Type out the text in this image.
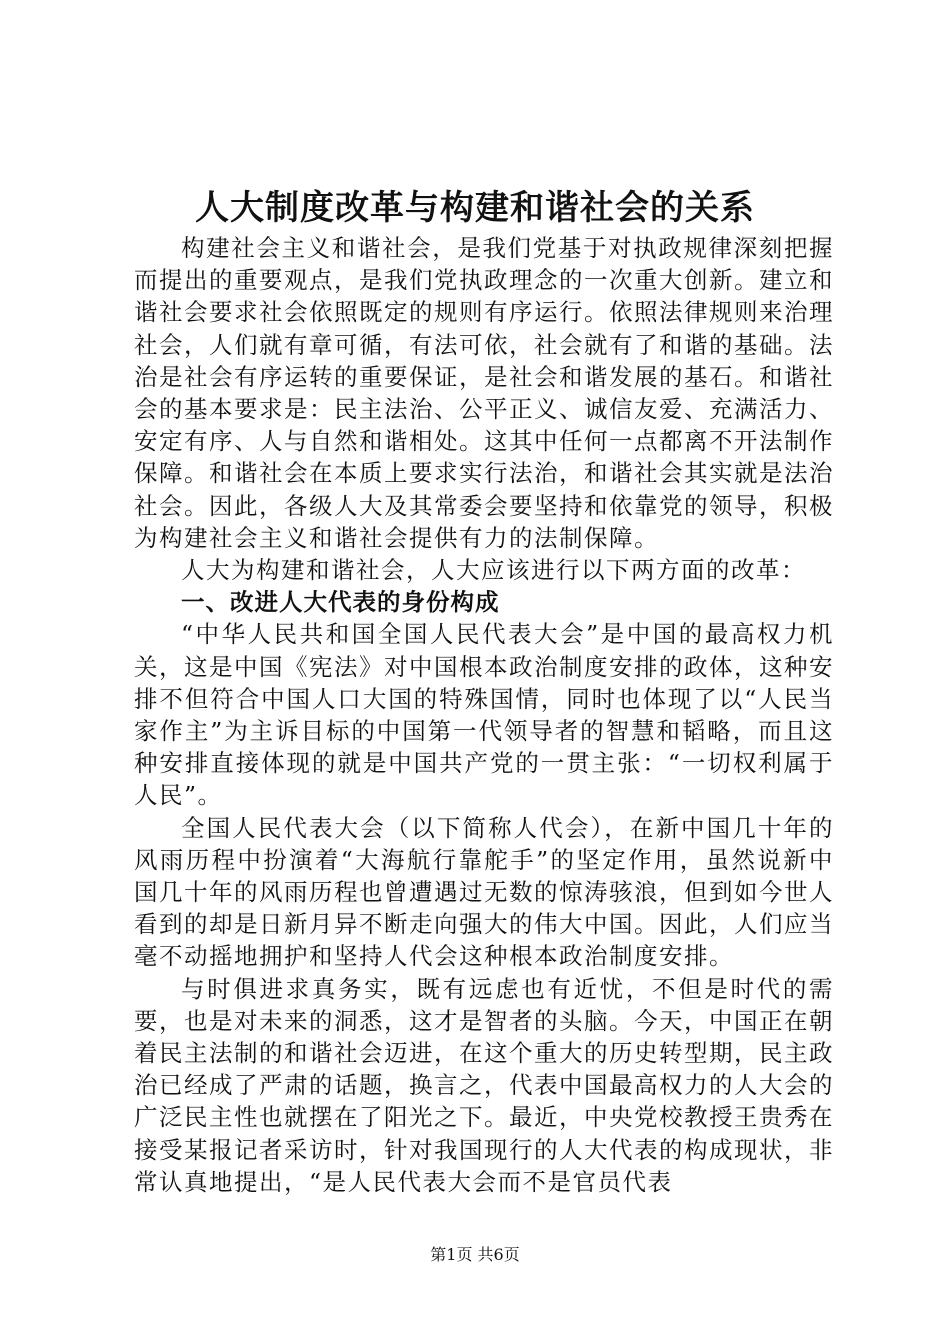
人大制度改革与构建和谐社会的关系

构建社会主义和谐社会，是我们党基于对执政规律深刻把握而提出的重要观点，是我们党执政理念的一次重大创新。建立和谐社会要求社会依照既定的规则有序运行。依照法律规则来治理社会，人们就有章可循，有法可依，社会就有了和谐的基础。法治是社会有序运转的重要保证，是社会和谐发展的基石。和谐社会的基本要求是：民主法治、公平正义、诚信友爱、充满活力、安定有序、人与自然和谐相处。这其中任何一点都离不开法制作保障。和谐社会在本质上要求实行法治，和谐社会其实就是法治社会。因此，各级人大及其常委会要坚持和依靠党的领导，积极为构建社会主义和谐社会提供有力的法制保障。

人大为构建和谐社会，人大应该进行以下两方面的改革：

一、改进人大代表的身份构成

“中华人民共和国全国人民代表大会”是中国的最高权力机关，这是中国《宪法》对中国根本政治制度安排的政体，这种安排不但符合中国人口大国的特殊国情，同时也体现了以“人民当家作主”为主诉目标的中国第一代领导者的智慧和韬略，而且这种安排直接体现的就是中国共产党的一贯主张：“一切权利属于人民”。

全国人民代表大会（以下简称人代会），在新中国几十年的风雨历程中扮演着“大海航行靠舵手”的坚定作用，虽然说新中国几十年的风雨历程也曾遭遇过无数的惊涛骇浪，但到如今世人看到的却是日新月异不断走向强大的伟大中国。因此，人们应当毫不动摇地拥护和坚持人代会这种根本政治制度安排。

与时俱进求真务实，既有远虑也有近忧，不但是时代的需要，也是对未来的洞悉，这才是智者的头脑。今天，中国正在朝着民主法制的和谐社会迈进，在这个重大的历史转型期，民主政治已经成了严肃的话题，换言之，代表中国最高权力的人大会的广泛民主性也就摆在了阳光之下。最近，中央党校教授王贵秀在接受某报记者采访时，针对我国现行的人大代表的构成现状，非常认真地提出，“是人民代表大会而不是官员代表

第1页 共6页
